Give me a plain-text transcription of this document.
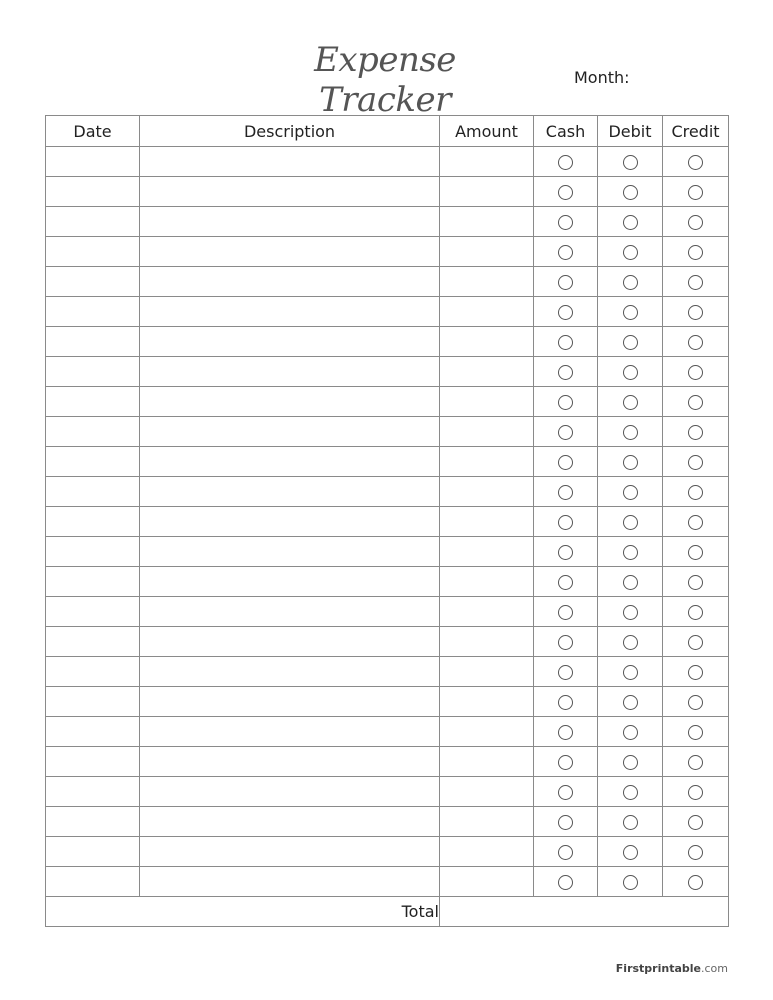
Expense Tracker
Month:
Date	Description	Amount	Cash	Debit	Credit

Total					
Firstprintable.com
